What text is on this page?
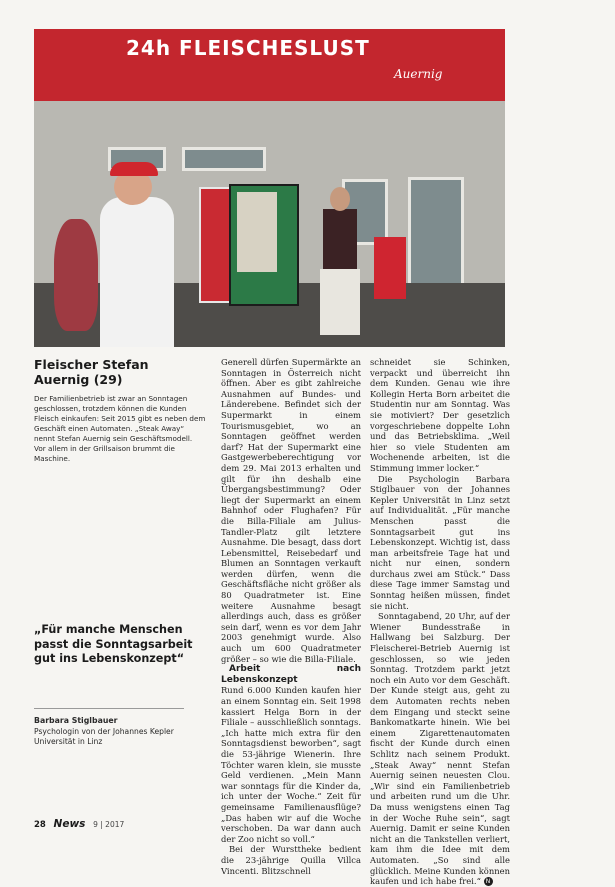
24h FLEISCHESLUST
Auernig
Fleischer Stefan Auernig (29)
Der Familienbetrieb ist zwar an Sonntagen geschlossen, trotzdem können die Kunden Fleisch einkaufen: Seit 2015 gibt es neben dem Geschäft einen Automaten. „Steak Away“ nennt Stefan Auernig sein Geschäftsmodell. Vor allem in der Grillsaison brummt die Maschine.
„Für manche Menschen passt die Sonntagsarbeit gut ins Lebenskonzept“
Barbara Stiglbauer
Psychologin von der Johannes Kepler Universität in Linz

Generell dürfen Supermärkte an Sonntagen in Österreich nicht öffnen. Aber es gibt zahlreiche Ausnahmen auf Bundes- und Länderebene. Befindet sich der Supermarkt in einem Tourismusgebiet, wo an Sonntagen geöffnet werden darf? Hat der Supermarkt eine Gastgewerbeberechtigung vor dem 29. Mai 2013 erhalten und gilt für ihn deshalb eine Übergangsbestimmung? Oder liegt der Supermarkt an einem Bahnhof oder Flughafen? Für die Billa-Filiale am Julius-Tandler-Platz gilt letztere Ausnahme. Die besagt, dass dort Lebensmittel, Reisebedarf und Blumen an Sonntagen verkauft werden dürfen, wenn die Geschäftsfläche nicht größer als 80 Quadratmeter ist. Eine weitere Ausnahme besagt allerdings auch, dass es größer sein darf, wenn es vor dem Jahr 2003 genehmigt wurde. Also auch um 600 Quadratmeter größer – so wie die Billa-Filiale.

Arbeit nach Lebenskonzept

Rund 6.000 Kunden kaufen hier an einem Sonntag ein. Seit 1998 kassiert Helga Born in der Filiale – ausschließlich sonntags. „Ich hatte mich extra für den Sonntagsdienst beworben“, sagt die 53-jährige Wienerin. Ihre Töchter waren klein, sie musste Geld verdienen. „Mein Mann war sonntags für die Kinder da, ich unter der Woche.“ Zeit für gemeinsame Familienausflüge? „Das haben wir auf die Woche verschoben. Da war dann auch der Zoo nicht so voll.“

Bei der Wursttheke bedient die 23-jährige Quilla Villca Vincenti. Blitzschnell

schneidet sie Schinken, verpackt und überreicht ihn dem Kunden. Genau wie ihre Kollegin Herta Born arbeitet die Studentin nur am Sonntag. Was sie motiviert? Der gesetzlich vorgeschriebene doppelte Lohn und das Betriebsklima. „Weil hier so viele Studenten am Wochenende arbeiten, ist die Stimmung immer locker.“

Die Psychologin Barbara Stiglbauer von der Johannes Kepler Universität in Linz setzt auf Individualität. „Für manche Menschen passt die Sonntagsarbeit gut ins Lebenskonzept. Wichtig ist, dass man arbeitsfreie Tage hat und nicht nur einen, sondern durchaus zwei am Stück.“ Dass diese Tage immer Samstag und Sonntag heißen müssen, findet sie nicht.

Sonntagabend, 20 Uhr, auf der Wiener Bundesstraße in Hallwang bei Salzburg. Der Fleischerei-Betrieb Auernig ist geschlossen, so wie jeden Sonntag. Trotzdem parkt jetzt noch ein Auto vor dem Geschäft. Der Kunde steigt aus, geht zu dem Automaten rechts neben dem Eingang und steckt seine Bankomatkarte hinein. Wie bei einem Zigarettenautomaten fischt der Kunde durch einen Schlitz nach seinem Produkt. „Steak Away“ nennt Stefan Auernig seinen neuesten Clou. „Wir sind ein Familienbetrieb und arbeiten rund um die Uhr. Da muss wenigstens einen Tag in der Woche Ruhe sein“, sagt Auernig. Damit er seine Kunden nicht an die Tankstellen verliert, kam ihm die Idee mit dem Automaten. „So sind alle glücklich. Meine Kunden können kaufen und ich habe frei.“ N

28 News 9 | 2017
